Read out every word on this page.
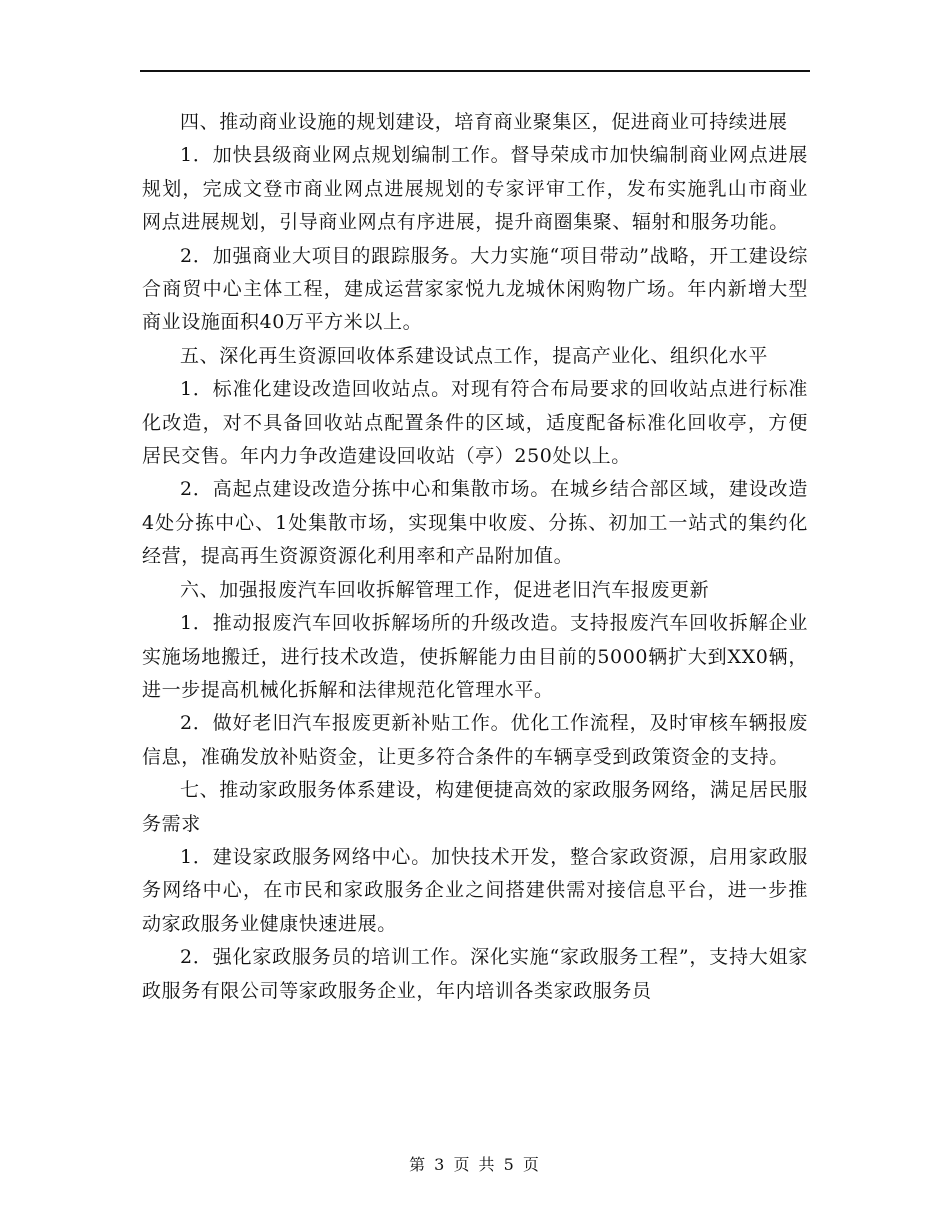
四、推动商业设施的规划建设，培育商业聚集区，促进商业可持续进展

1．加快县级商业网点规划编制工作。督导荣成市加快编制商业网点进展规划，完成文登市商业网点进展规划的专家评审工作，发布实施乳山市商业网点进展规划，引导商业网点有序进展，提升商圈集聚、辐射和服务功能。

2．加强商业大项目的跟踪服务。大力实施“项目带动”战略，开工建设综合商贸中心主体工程，建成运营家家悦九龙城休闲购物广场。年内新增大型商业设施面积40万平方米以上。

五、深化再生资源回收体系建设试点工作，提高产业化、组织化水平

1．标准化建设改造回收站点。对现有符合布局要求的回收站点进行标准化改造，对不具备回收站点配置条件的区域，适度配备标准化回收亭，方便居民交售。年内力争改造建设回收站（亭）250处以上。

2．高起点建设改造分拣中心和集散市场。在城乡结合部区域，建设改造4处分拣中心、1处集散市场，实现集中收废、分拣、初加工一站式的集约化经营，提高再生资源资源化利用率和产品附加值。

六、加强报废汽车回收拆解管理工作，促进老旧汽车报废更新

1．推动报废汽车回收拆解场所的升级改造。支持报废汽车回收拆解企业实施场地搬迁，进行技术改造，使拆解能力由目前的5000辆扩大到XX0辆，进一步提高机械化拆解和法律规范化管理水平。

2．做好老旧汽车报废更新补贴工作。优化工作流程，及时审核车辆报废信息，准确发放补贴资金，让更多符合条件的车辆享受到政策资金的支持。

七、推动家政服务体系建设，构建便捷高效的家政服务网络，满足居民服务需求

1．建设家政服务网络中心。加快技术开发，整合家政资源，启用家政服务网络中心，在市民和家政服务企业之间搭建供需对接信息平台，进一步推动家政服务业健康快速进展。

2．强化家政服务员的培训工作。深化实施“家政服务工程”，支持大姐家政服务有限公司等家政服务企业，年内培训各类家政服务员

第 3 页 共 5 页
